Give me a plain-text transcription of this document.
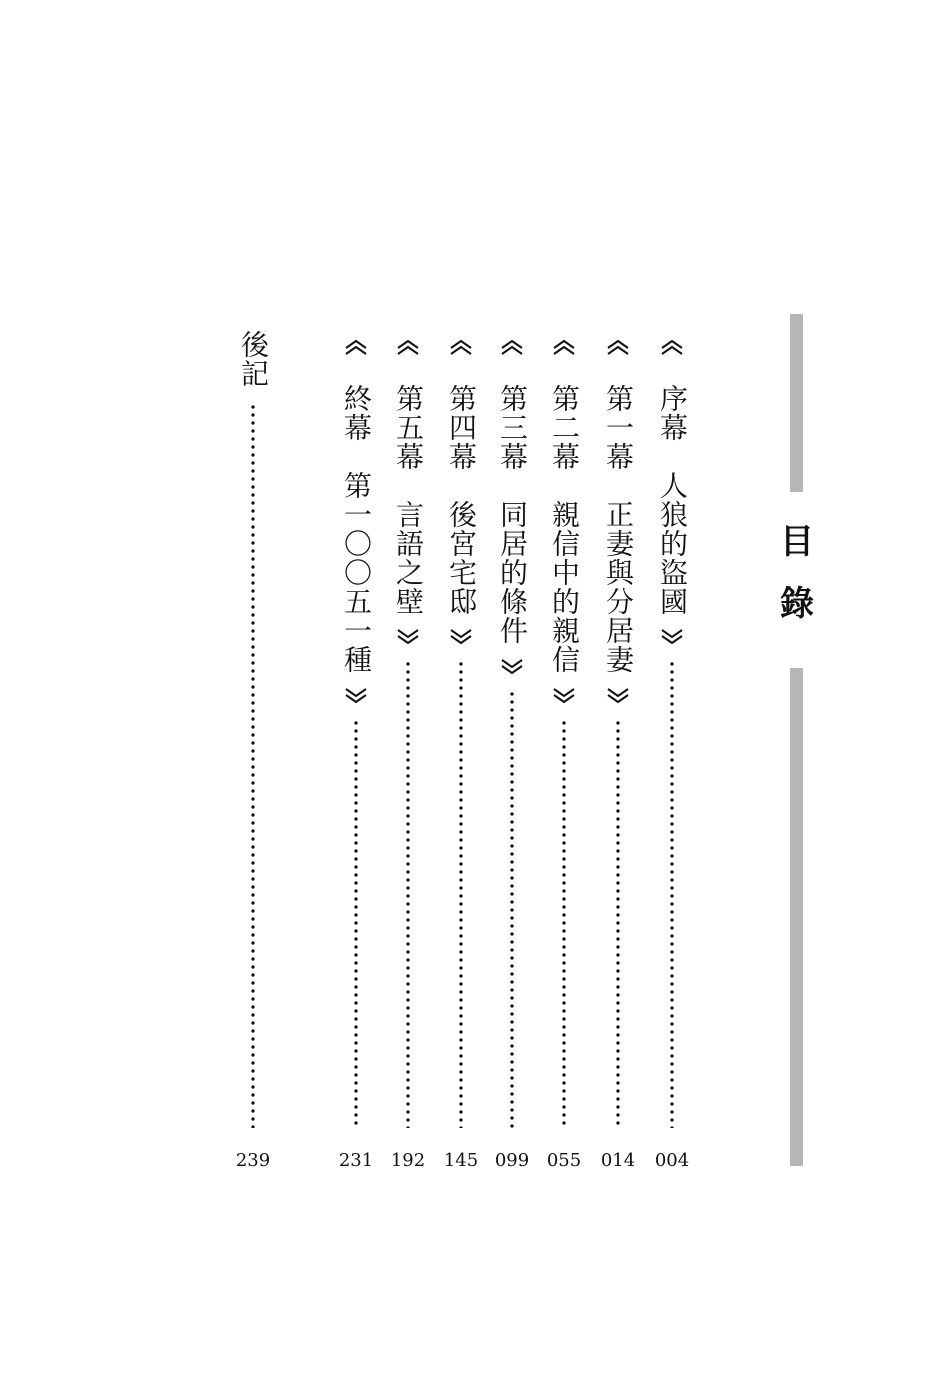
目
錄
序幕　人狼的盜國
004
第一幕　正妻與分居妻
014
第二幕　親信中的親信
055
第三幕　同居的條件
099
第四幕　後宮宅邸
145
第五幕　言語之壁
192
終幕　第一〇〇五一種
231
後記
239
